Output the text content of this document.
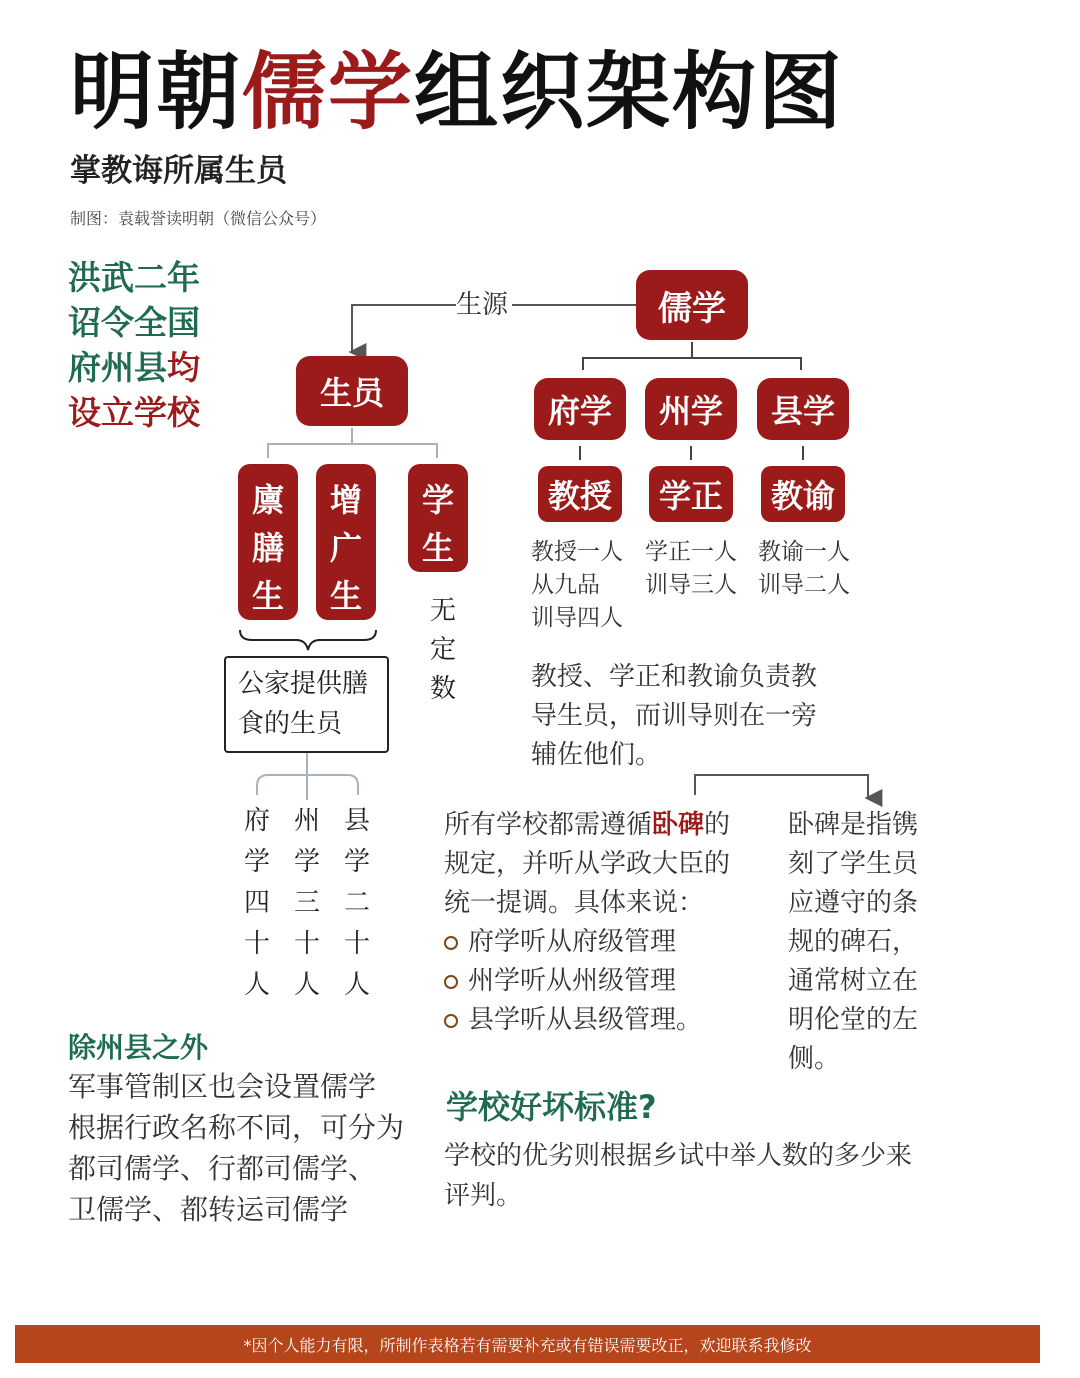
明朝儒学组织架构图
掌教诲所属生员
制图：袁载誉读明朝（微信公众号）
洪武二年
诏令全国
府州县均
设立学校
儒学
生源
生员
廪
膳
生
增
广
生
学
生
无
定
数
公家提供膳食的生员
府
学
四
十
人
州
学
三
十
人
县
学
二
十
人
府学	州学	县学
教授	学正	教谕
教授一人
从九品
训导四人
学正一人
训导三人
教谕一人
训导二人
教授、学正和教谕负责教导生员，而训导则在一旁辅佐他们。
所有学校都需遵循卧碑的规定，并听从学政大臣的统一提调。具体来说：
府学听从府级管理
州学听从州级管理
县学听从县级管理。
卧碑是指镌刻了学生员应遵守的条规的碑石，通常树立在明伦堂的左侧。
除州县之外
军事管制区也会设置儒学
根据行政名称不同，可分为
都司儒学、行都司儒学、
卫儒学、都转运司儒学
学校好坏标准?
学校的优劣则根据乡试中举人数的多少来评判。
*因个人能力有限，所制作表格若有需要补充或有错误需要改正，欢迎联系我修改
